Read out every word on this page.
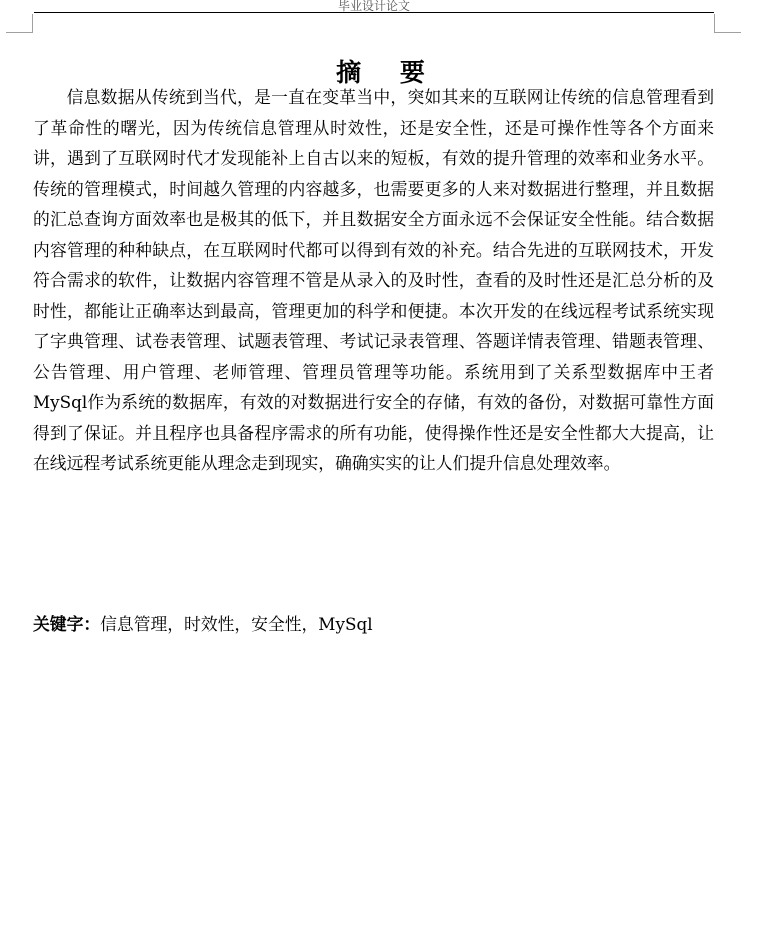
毕业设计论文
摘 要

信息数据从传统到当代，是一直在变革当中，突如其来的互联网让传统的信息管理看到了革命性的曙光，因为传统信息管理从时效性，还是安全性，还是可操作性等各个方面来讲，遇到了互联网时代才发现能补上自古以来的短板，有效的提升管理的效率和业务水平。传统的管理模式，时间越久管理的内容越多，也需要更多的人来对数据进行整理，并且数据的汇总查询方面效率也是极其的低下，并且数据安全方面永远不会保证安全性能。结合数据内容管理的种种缺点，在互联网时代都可以得到有效的补充。结合先进的互联网技术，开发符合需求的软件，让数据内容管理不管是从录入的及时性，查看的及时性还是汇总分析的及时性，都能让正确率达到最高，管理更加的科学和便捷。本次开发的在线远程考试系统实现了字典管理、试卷表管理、试题表管理、考试记录表管理、答题详情表管理、错题表管理、公告管理、用户管理、老师管理、管理员管理等功能。系统用到了关系型数据库中王者MySql作为系统的数据库，有效的对数据进行安全的存储，有效的备份，对数据可靠性方面得到了保证。并且程序也具备程序需求的所有功能，使得操作性还是安全性都大大提高，让在线远程考试系统更能从理念走到现实，确确实实的让人们提升信息处理效率。

关键字：信息管理，时效性，安全性，MySql
